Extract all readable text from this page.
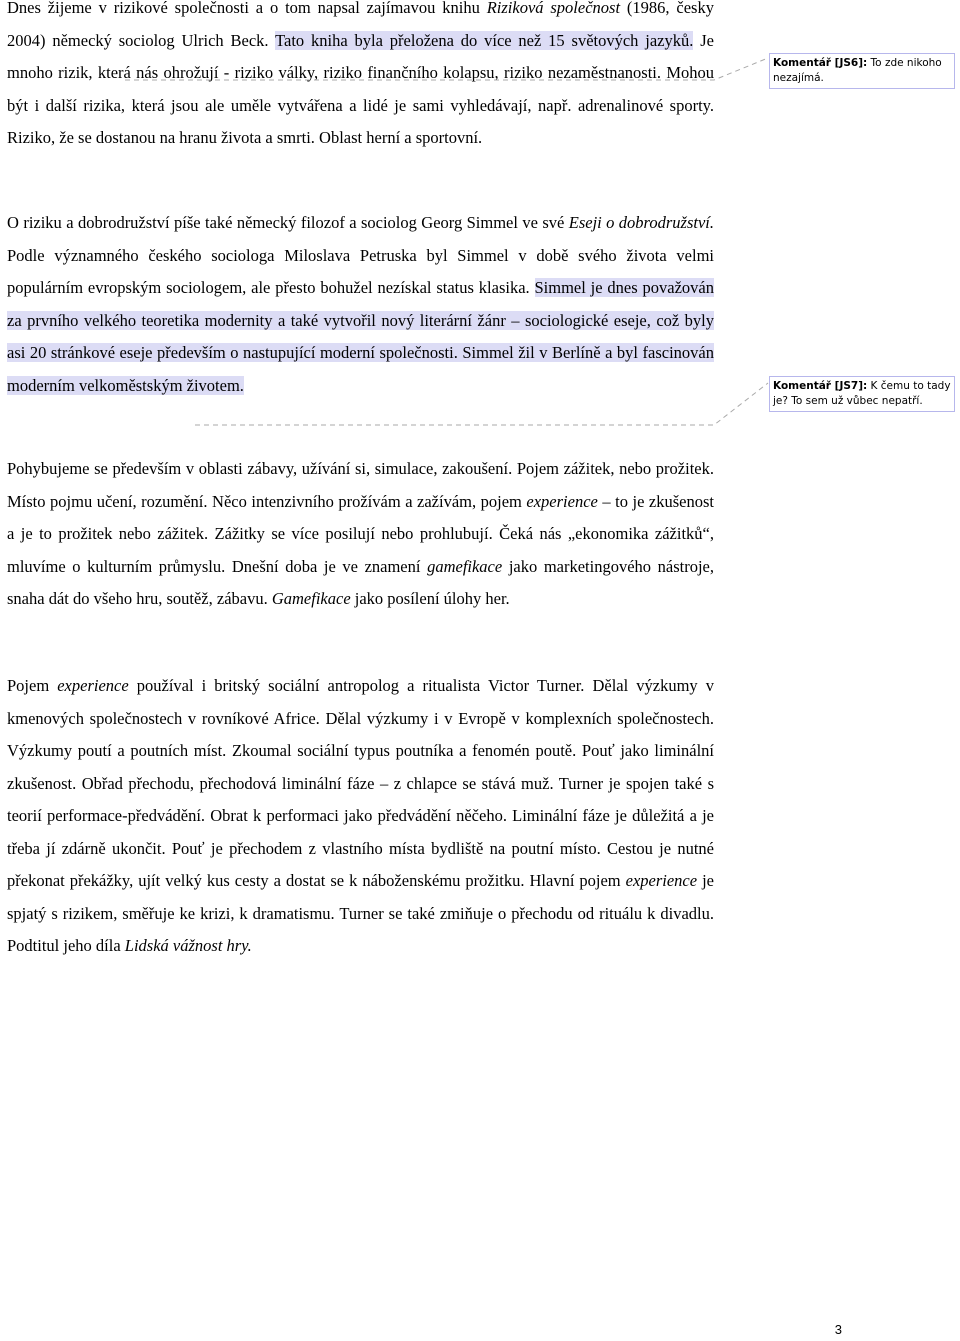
Dnes žijeme v rizikové společnosti a o tom napsal zajímavou knihu Riziková společnost (1986, česky 2004) německý sociolog Ulrich Beck. Tato kniha byla přeložena do více než 15 světových jazyků. Je mnoho rizik, která nás ohrožují - riziko války, riziko finančního kolapsu, riziko nezaměstnanosti. Mohou být i další rizika, která jsou ale uměle vytvářena a lidé je sami vyhledávají, např. adrenalinové sporty. Riziko, že se dostanou na hranu života a smrti. Oblast herní a sportovní.

O riziku a dobrodružství píše také německý filozof a sociolog Georg Simmel ve své Eseji o dobrodružství. Podle významného českého sociologa Miloslava Petruska byl Simmel v době svého života velmi populárním evropským sociologem, ale přesto bohužel nezískal status klasika. Simmel je dnes považován za prvního velkého teoretika modernity a také vytvořil nový literární žánr – sociologické eseje, což byly asi 20 stránkové eseje především o nastupující moderní společnosti. Simmel žil v Berlíně a byl fascinován moderním velkoměstským životem.

Pohybujeme se především v oblasti zábavy, užívání si, simulace, zakoušení. Pojem zážitek, nebo prožitek. Místo pojmu učení, rozumění. Něco intenzivního prožívám a zažívám, pojem experience – to je zkušenost a je to prožitek nebo zážitek. Zážitky se více posilují nebo prohlubují. Čeká nás „ekonomika zážitků“, mluvíme o kulturním průmyslu. Dnešní doba je ve znamení gamefikace jako marketingového nástroje, snaha dát do všeho hru, soutěž, zábavu. Gamefikace jako posílení úlohy her.

Pojem experience používal i britský sociální antropolog a ritualista Victor Turner. Dělal výzkumy v kmenových společnostech v rovníkové Africe. Dělal výzkumy i v Evropě v komplexních společnostech. Výzkumy poutí a poutních míst. Zkoumal sociální typus poutníka a fenomén poutě. Pouť jako liminální zkušenost. Obřad přechodu, přechodová liminální fáze – z chlapce se stává muž. Turner je spojen také s teorií performace-předvádění. Obrat k performaci jako předvádění něčeho. Liminální fáze je důležitá a je třeba jí zdárně ukončit. Pouť je přechodem z vlastního místa bydliště na poutní místo. Cestou je nutné překonat překážky, ujít velký kus cesty a dostat se k náboženskému prožitku. Hlavní pojem experience je spjatý s rizikem, směřuje ke krizi, k dramatismu. Turner se také zmiňuje o přechodu od rituálu k divadlu. Podtitul jeho díla Lidská vážnost hry.

Komentář [JS6]: To zde nikoho nezajímá.
Komentář [JS7]: K čemu to tady je? To sem už vůbec nepatří.
3
